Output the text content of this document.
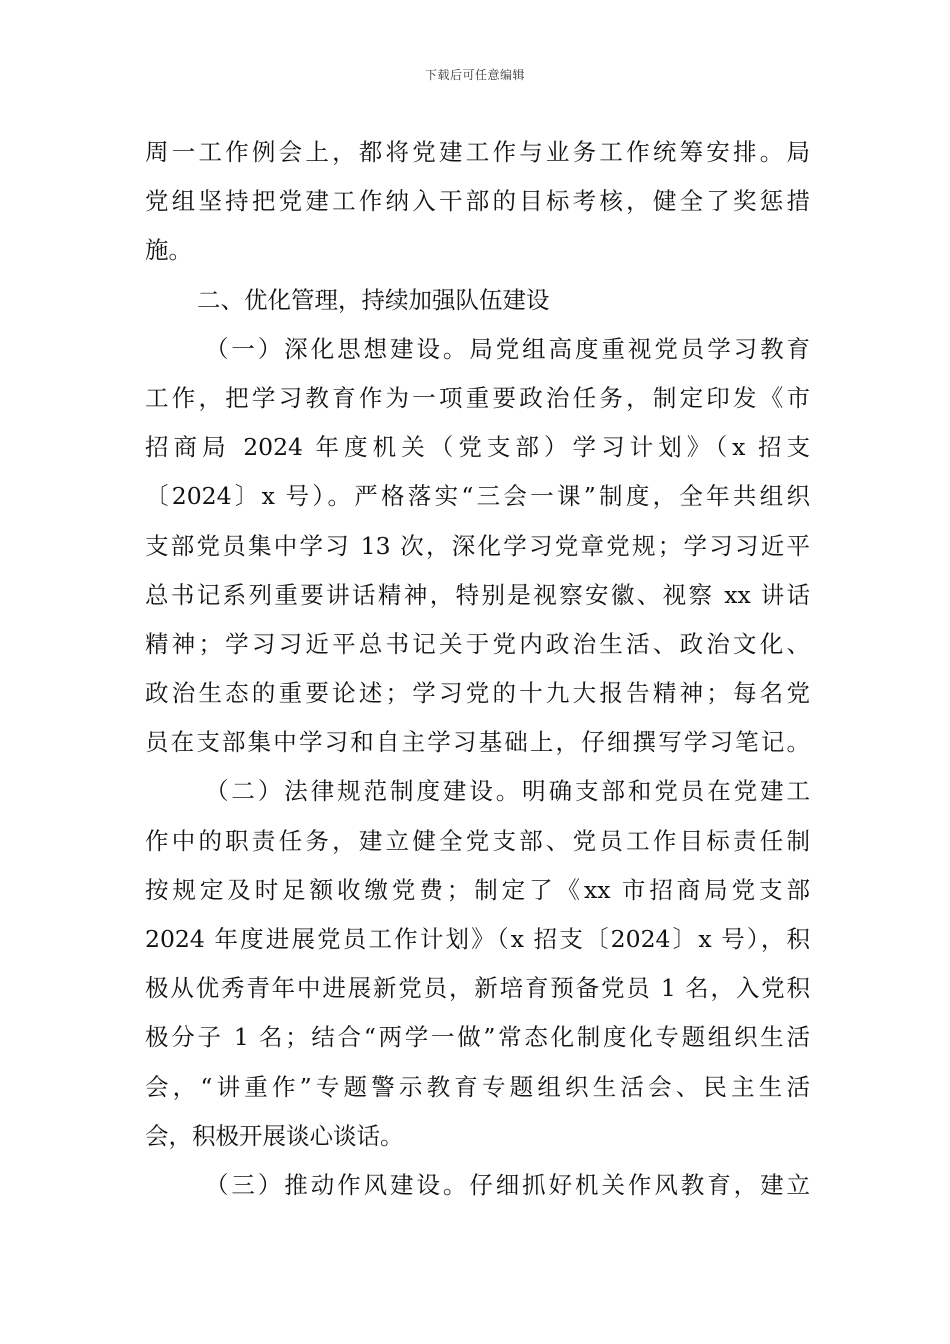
下载后可任意编辑
周一工作例会上，都将党建工作与业务工作统筹安排。局
党组坚持把党建工作纳入干部的目标考核，健全了奖惩措
施。
二、优化管理，持续加强队伍建设
（一）深化思想建设。局党组高度重视党员学习教育
工作，把学习教育作为一项重要政治任务，制定印发《市
招商局 2024 年度机关（党支部）学习计划》（x 招支
〔2024〕x 号）。严格落实“三会一课”制度，全年共组织
支部党员集中学习 13 次，深化学习党章党规；学习习近平
总书记系列重要讲话精神，特别是视察安徽、视察 xx 讲话
精神；学习习近平总书记关于党内政治生活、政治文化、
政治生态的重要论述；学习党的十九大报告精神；每名党
员在支部集中学习和自主学习基础上，仔细撰写学习笔记。
（二）法律规范制度建设。明确支部和党员在党建工
作中的职责任务，建立健全党支部、党员工作目标责任制
按规定及时足额收缴党费；制定了《xx 市招商局党支部
2024 年度进展党员工作计划》（x 招支〔2024〕x 号），积
极从优秀青年中进展新党员，新培育预备党员 1 名，入党积
极分子 1 名；结合“两学一做”常态化制度化专题组织生活
会，“讲重作”专题警示教育专题组织生活会、民主生活
会，积极开展谈心谈话。
（三）推动作风建设。仔细抓好机关作风教育，建立
